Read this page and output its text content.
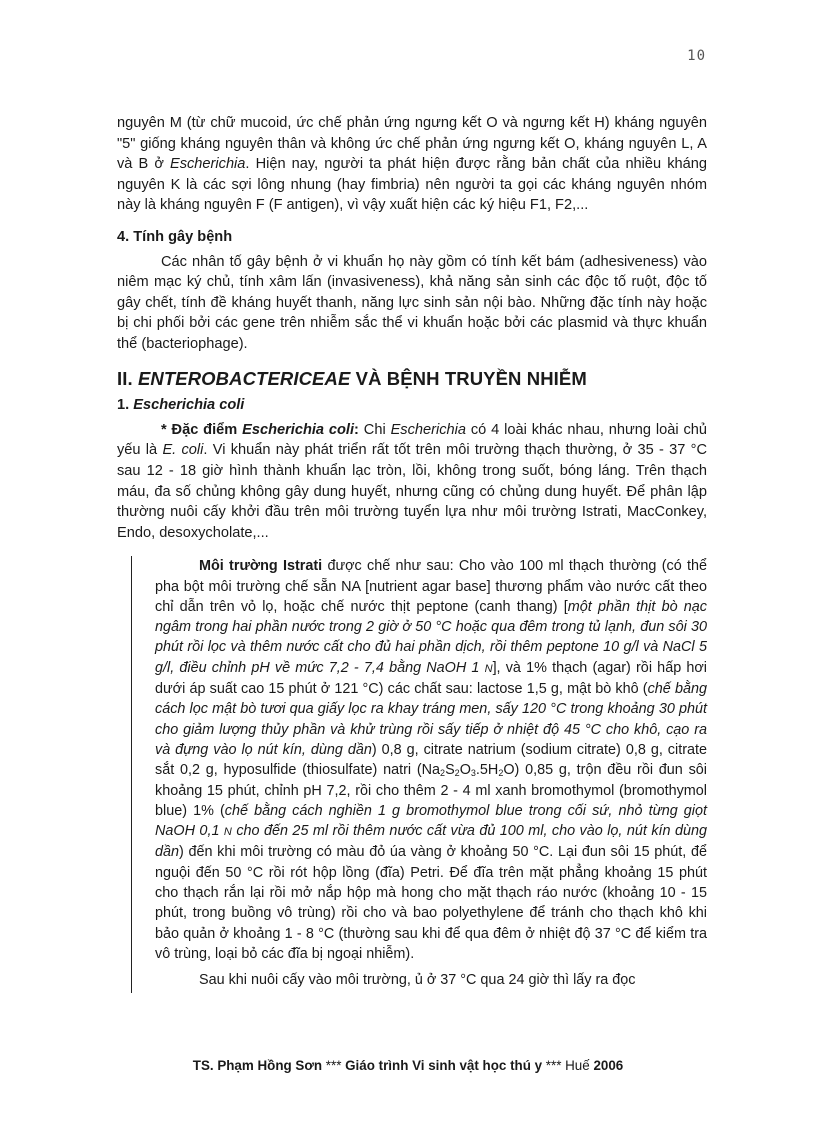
10

nguyên M (từ chữ mucoid, ức chế phản ứng ngưng kết O và ngưng kết H) kháng nguyên "5" giống kháng nguyên thân và không ức chế phản ứng ngưng kết O, kháng nguyên L, A và B ở Escherichia. Hiện nay, người ta phát hiện được rằng bản chất của nhiều kháng nguyên K là các sợi lông nhung (hay fimbria) nên người ta gọi các kháng nguyên nhóm này là kháng nguyên F (F antigen), vì vậy xuất hiện các ký hiệu F1, F2,...

4. Tính gây bệnh

Các nhân tố gây bệnh ở vi khuẩn họ này gồm có tính kết bám (adhesiveness) vào niêm mạc ký chủ, tính xâm lấn (invasiveness), khả năng sản sinh các độc tố ruột, độc tố gây chết, tính đề kháng huyết thanh, năng lực sinh sản nội bào. Những đặc tính này hoặc bị chi phối bởi các gene trên nhiễm sắc thể vi khuẩn hoặc bởi các plasmid và thực khuẩn thể (bacteriophage).

II. ENTEROBACTERICEAE VÀ BỆNH TRUYỀN NHIỄM
1. Escherichia coli

* Đặc điểm Escherichia coli: Chi Escherichia có 4 loài khác nhau, nhưng loài chủ yếu là E. coli. Vi khuẩn này phát triển rất tốt trên môi trường thạch thường, ở 35 - 37 °C sau 12 - 18 giờ hình thành khuẩn lạc tròn, lồi, không trong suốt, bóng láng. Trên thạch máu, đa số chủng không gây dung huyết, nhưng cũng có chủng dung huyết. Để phân lập thường nuôi cấy khởi đầu trên môi trường tuyển lựa như môi trường Istrati, MacConkey, Endo, desoxycholate,...

Môi trường Istrati được chế như sau: Cho vào 100 ml thạch thường (có thể pha bột môi trường chế sẵn NA [nutrient agar base] thương phẩm vào nước cất theo chỉ dẫn trên vỏ lọ, hoặc chế nước thịt peptone (canh thang) [một phần thịt bò nạc ngâm trong hai phần nước trong 2 giờ ở 50 °C hoặc qua đêm trong tủ lạnh, đun sôi 30 phút rồi lọc và thêm nước cất cho đủ hai phần dịch, rồi thêm peptone 10 g/l và NaCl 5 g/l, điều chỉnh pH về mức 7,2 - 7,4 bằng NaOH 1 N], và 1% thạch (agar) rồi hấp hơi dưới áp suất cao 15 phút ở 121 °C) các chất sau: lactose 1,5 g, mật bò khô (chế bằng cách lọc mật bò tươi qua giấy lọc ra khay tráng men, sấy 120 °C trong khoảng 30 phút cho giảm lượng thủy phần và khử trùng rồi sấy tiếp ở nhiệt độ 45 °C cho khô, cạo ra và đựng vào lọ nút kín, dùng dần) 0,8 g, citrate natrium (sodium citrate) 0,8 g, citrate sắt 0,2 g, hyposulfide (thiosulfate) natri $(Na_2S_2O_3.5H_2O)$ 0,85 g, trộn đều rồi đun sôi khoảng 15 phút, chỉnh pH 7,2, rồi cho thêm 2 - 4 ml xanh bromothymol (bromothymol blue) 1% (chế bằng cách nghiền 1 g bromothymol blue trong cối sứ, nhỏ từng giọt NaOH 0,1 N cho đến 25 ml rồi thêm nước cất vừa đủ 100 ml, cho vào lọ, nút kín dùng dần) đến khi môi trường có màu đỏ úa vàng ở khoảng 50 °C. Lại đun sôi 15 phút, để nguội đến 50 °C rồi rót hộp lồng (đĩa) Petri. Để đĩa trên mặt phẳng khoảng 15 phút cho thạch rắn lại rồi mở nắp hộp mà hong cho mặt thạch ráo nước (khoảng 10 - 15 phút, trong buồng vô trùng) rồi cho và bao polyethylene để tránh cho thạch khô khi bảo quản ở khoảng 1 - 8 °C (thường sau khi để qua đêm ở nhiệt độ 37 °C để kiểm tra vô trùng, loại bỏ các đĩa bị ngoại nhiễm).

Sau khi nuôi cấy vào môi trường, ủ ở 37 °C qua 24 giờ thì lấy ra đọc

TS. Phạm Hồng Sơn *** Giáo trình Vi sinh vật học thú y *** Huế 2006
